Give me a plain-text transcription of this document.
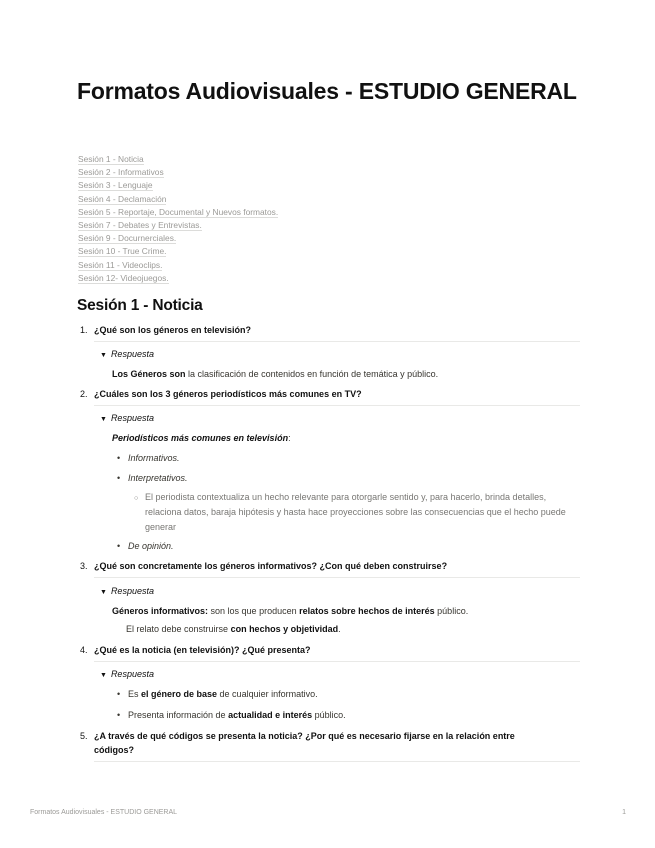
Formatos Audiovisuales - ESTUDIO GENERAL
Sesión 1 - Noticia
Sesión 2 - Informativos
Sesión 3 - Lenguaje
Sesión 4 - Declamación
Sesión 5 - Reportaje, Documental y Nuevos formatos.
Sesión 7 - Debates y Entrevistas.
Sesión 9 - Docurnerciales.
Sesión 10 - True Crime.
Sesión 11 - Videoclips.
Sesión 12- Videojuegos.
Sesión 1 - Noticia
1. ¿Qué son los géneros en televisión?
▼ Respuesta
Los Géneros son la clasificación de contenidos en función de temática y público.
2. ¿Cuáles son los 3 géneros periodísticos más comunes en TV?
▼ Respuesta
Periodísticos más comunes en televisión:
• Informativos.
• Interpretativos.
○ El periodista contextualiza un hecho relevante para otorgarle sentido y, para hacerlo, brinda detalles, relaciona datos, baraja hipótesis y hasta hace proyecciones sobre las consecuencias que el hecho puede generar
• De opinión.
3. ¿Qué son concretamente los géneros informativos? ¿Con qué deben construirse?
▼ Respuesta
Géneros informativos: son los que producen relatos sobre hechos de interés público.
El relato debe construirse con hechos y objetividad.
4. ¿Qué es la noticia (en televisión)? ¿Qué presenta?
▼ Respuesta
• Es el género de base de cualquier informativo.
• Presenta información de actualidad e interés público.
5. ¿A través de qué códigos se presenta la noticia? ¿Por qué es necesario fijarse en la relación entre
códigos?
Formatos Audiovisuales - ESTUDIO GENERAL	1
